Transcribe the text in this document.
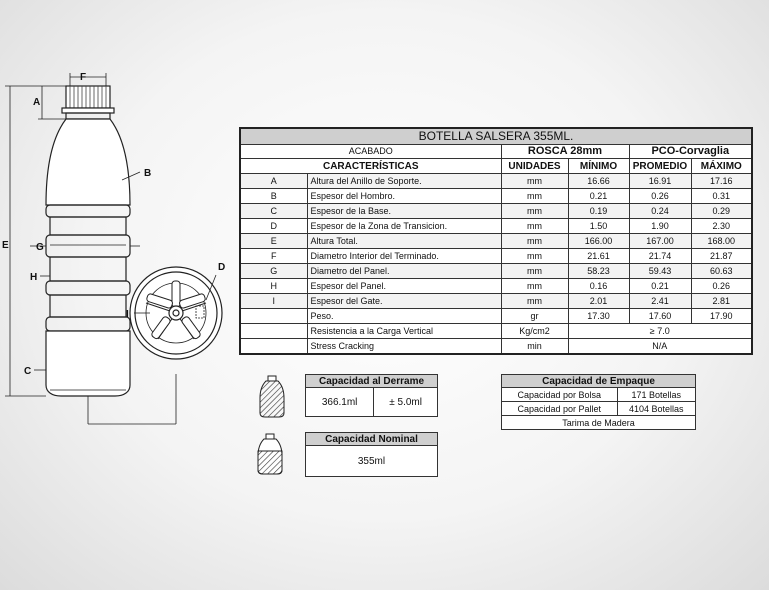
F
A
B
E	G
H
C
D
I
BOTELLA SALSERA 355ML.					
ACABADO		ROSCA 28mm		PCO-Corvaglia	
CARACTERÍSTICAS		UNIDADES	MÍNIMO	PROMEDIO	MÁXIMO
A	Altura del Anillo de Soporte.	mm	16.66	16.91	17.16
B	Espesor del Hombro.	mm	0.21	0.26	0.31
C	Espesor de la Base.	mm	0.19	0.24	0.29
D	Espesor de la Zona de Transicion.	mm	1.50	1.90	2.30
E	Altura Total.	mm	166.00	167.00	168.00
F	Diametro Interior del Terminado.	mm	21.61	21.74	21.87
G	Diametro del Panel.	mm	58.23	59.43	60.63
H	Espesor del Panel.	mm	0.16	0.21	0.26
I	Espesor del Gate.	mm	2.01	2.41	2.81
	Peso.	gr	17.30	17.60	17.90
	Resistencia a la Carga Vertical	Kg/cm2	≥ 7.0		
	Stress Cracking	min	N/A		
Capacidad al Derrame
366.1ml	± 5.0ml
Capacidad Nominal
355ml
Capacidad de Empaque	
Capacidad por Bolsa	171 Botellas
Capacidad por Pallet	4104 Botellas
Tarima de Madera	
